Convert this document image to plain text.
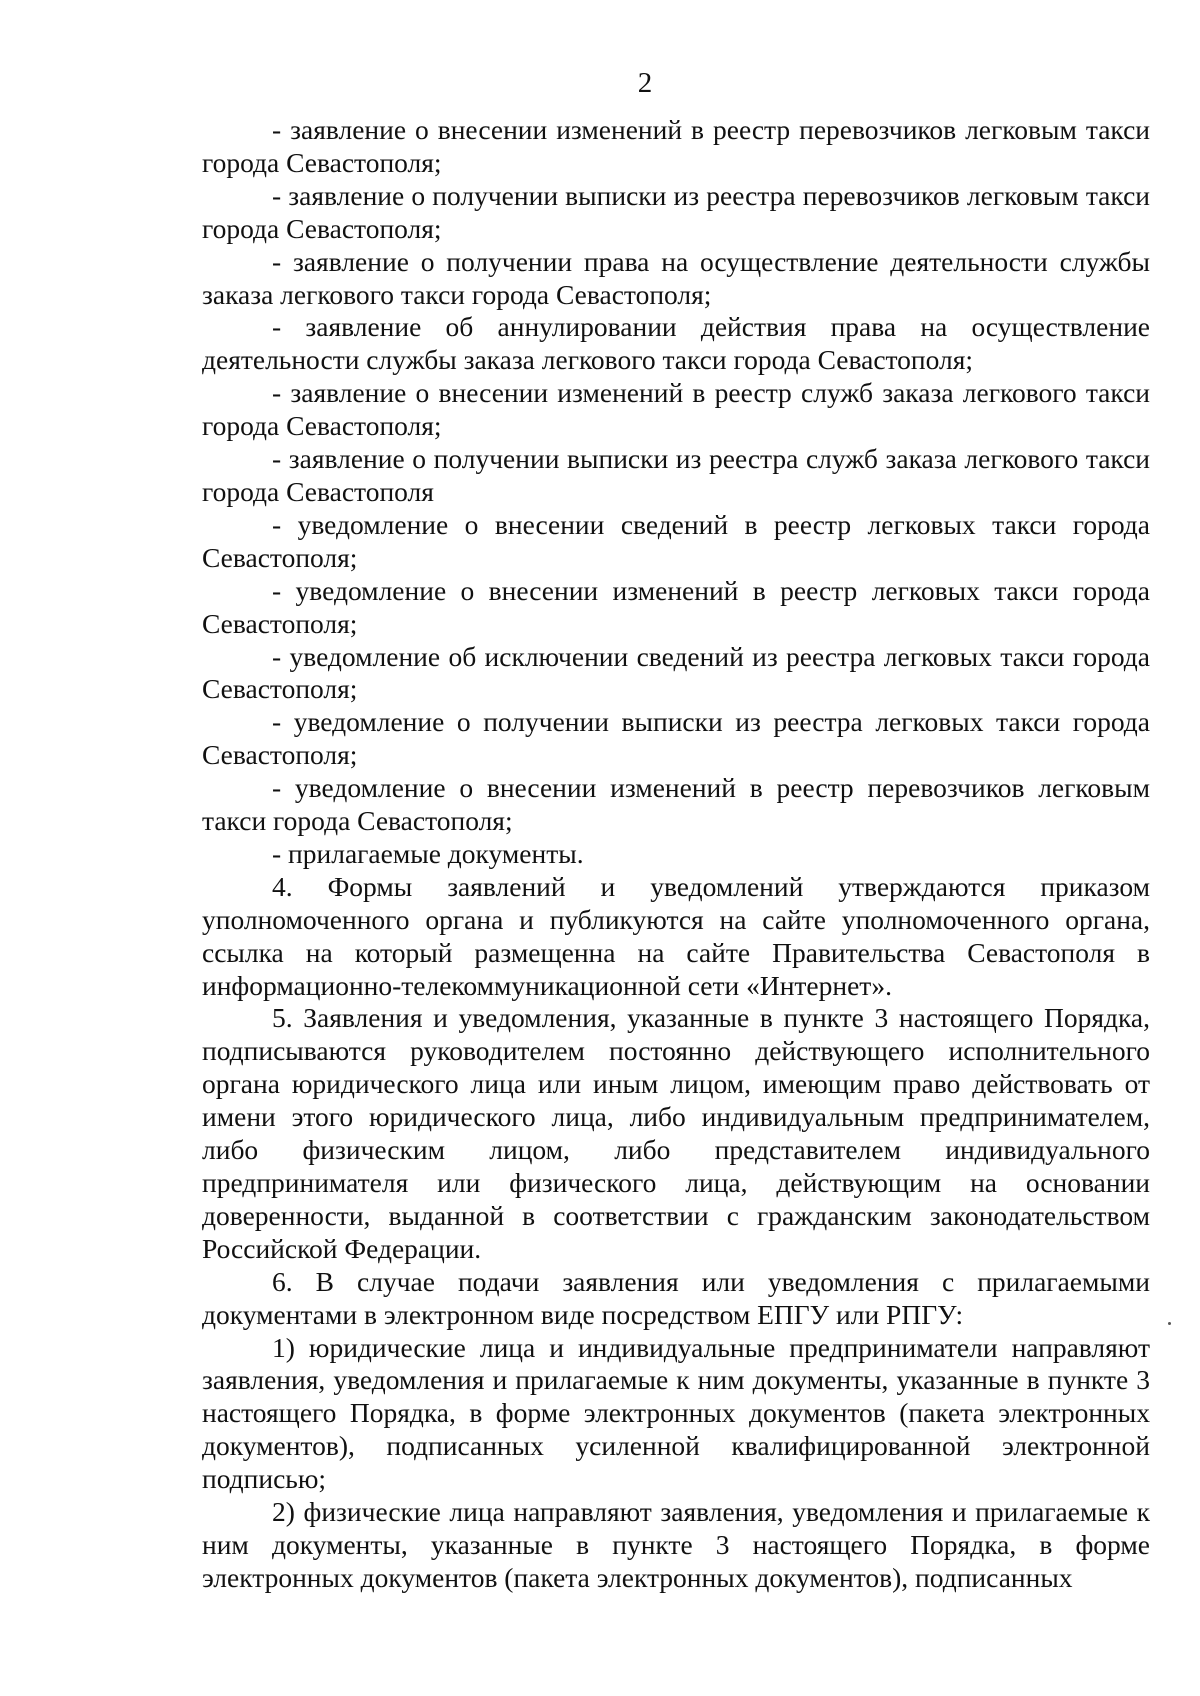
2

- заявление о внесении изменений в реестр перевозчиков легковым такси города Севастополя;

- заявление о получении выписки из реестра перевозчиков легковым такси города Севастополя;

- заявление о получении права на осуществление деятельности службы заказа легкового такси города Севастополя;

- заявление об аннулировании действия права на осуществление деятельности службы заказа легкового такси города Севастополя;

- заявление о внесении изменений в реестр служб заказа легкового такси города Севастополя;

- заявление о получении выписки из реестра служб заказа легкового такси города Севастополя

- уведомление о внесении сведений в реестр легковых такси города Севастополя;

- уведомление о внесении изменений в реестр легковых такси города Севастополя;

- уведомление об исключении сведений из реестра легковых такси города Севастополя;

- уведомление о получении выписки из реестра легковых такси города Севастополя;

- уведомление о внесении изменений в реестр перевозчиков легковым такси города Севастополя;

- прилагаемые документы.

4. Формы заявлений и уведомлений утверждаются приказом уполномоченного органа и публикуются на сайте уполномоченного органа, ссылка на который размещенна на сайте Правительства Севастополя в информационно-телекоммуникационной сети «Интернет».

5. Заявления и уведомления, указанные в пункте 3 настоящего Порядка, подписываются руководителем постоянно действующего исполнительного органа юридического лица или иным лицом, имеющим право действовать от имени этого юридического лица, либо индивидуальным предпринимателем, либо физическим лицом, либо представителем индивидуального предпринимателя или физического лица, действующим на основании доверенности, выданной в соответствии с гражданским законодательством Российской Федерации.

6. В случае подачи заявления или уведомления с прилагаемыми документами в электронном виде посредством ЕПГУ или РПГУ:

1) юридические лица и индивидуальные предприниматели направляют заявления, уведомления и прилагаемые к ним документы, указанные в пункте 3 настоящего Порядка, в форме электронных документов (пакета электронных документов), подписанных усиленной квалифицированной электронной подписью;

2) физические лица направляют заявления, уведомления и прилагаемые к ним документы, указанные в пункте 3 настоящего Порядка, в форме электронных документов (пакета электронных документов), подписанных
